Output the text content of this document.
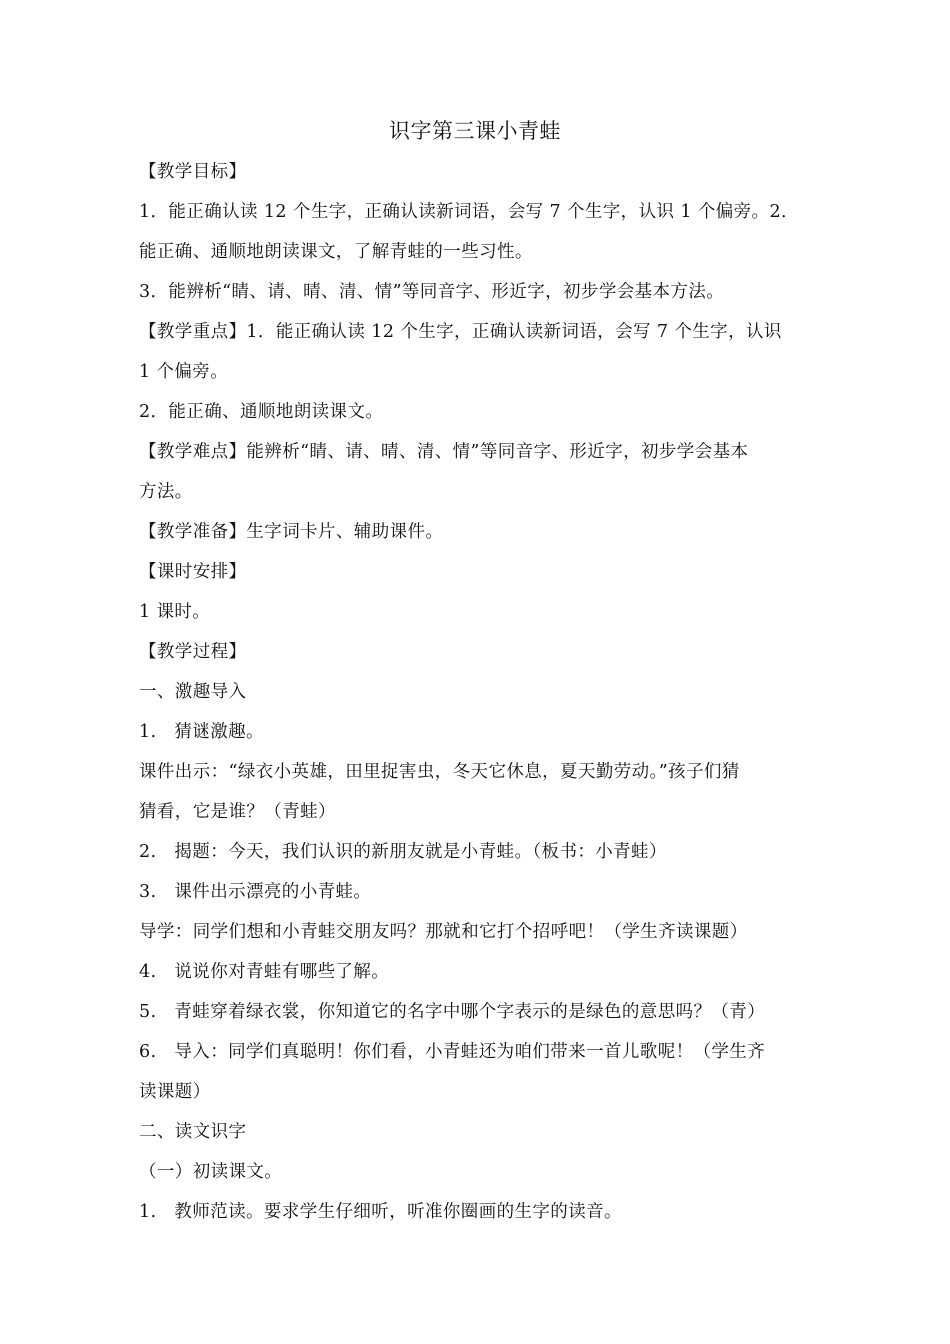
识字第三课小青蛙
【教学目标】
1．能正确认读 12 个生字，正确认读新词语，会写 7 个生字，认识 1 个偏旁。2．
能正确、通顺地朗读课文，了解青蛙的一些习性。
3．能辨析“睛、请、晴、清、情”等同音字、形近字，初步学会基本方法。
【教学重点】1．能正确认读 12 个生字，正确认读新词语，会写 7 个生字，认识
1 个偏旁。
2．能正确、通顺地朗读课文。
【教学难点】能辨析“睛、请、晴、清、情”等同音字、形近字，初步学会基本
方法。
【教学准备】生字词卡片、辅助课件。
【课时安排】
1 课时。
【教学过程】
一、激趣导入
1.　猜谜激趣。
课件出示：“绿衣小英雄，田里捉害虫，冬天它休息，夏天勤劳动。”孩子们猜
猜看，它是谁？（青蛙）
2.　揭题：今天，我们认识的新朋友就是小青蛙。（板书：小青蛙）
3.　课件出示漂亮的小青蛙。
导学：同学们想和小青蛙交朋友吗？那就和它打个招呼吧！（学生齐读课题）
4.　说说你对青蛙有哪些了解。
5.　青蛙穿着绿衣裳，你知道它的名字中哪个字表示的是绿色的意思吗？（青）
6.　导入：同学们真聪明！你们看，小青蛙还为咱们带来一首儿歌呢！（学生齐
读课题）
二、读文识字
（一）初读课文。
1.　教师范读。要求学生仔细听，听准你圈画的生字的读音。
